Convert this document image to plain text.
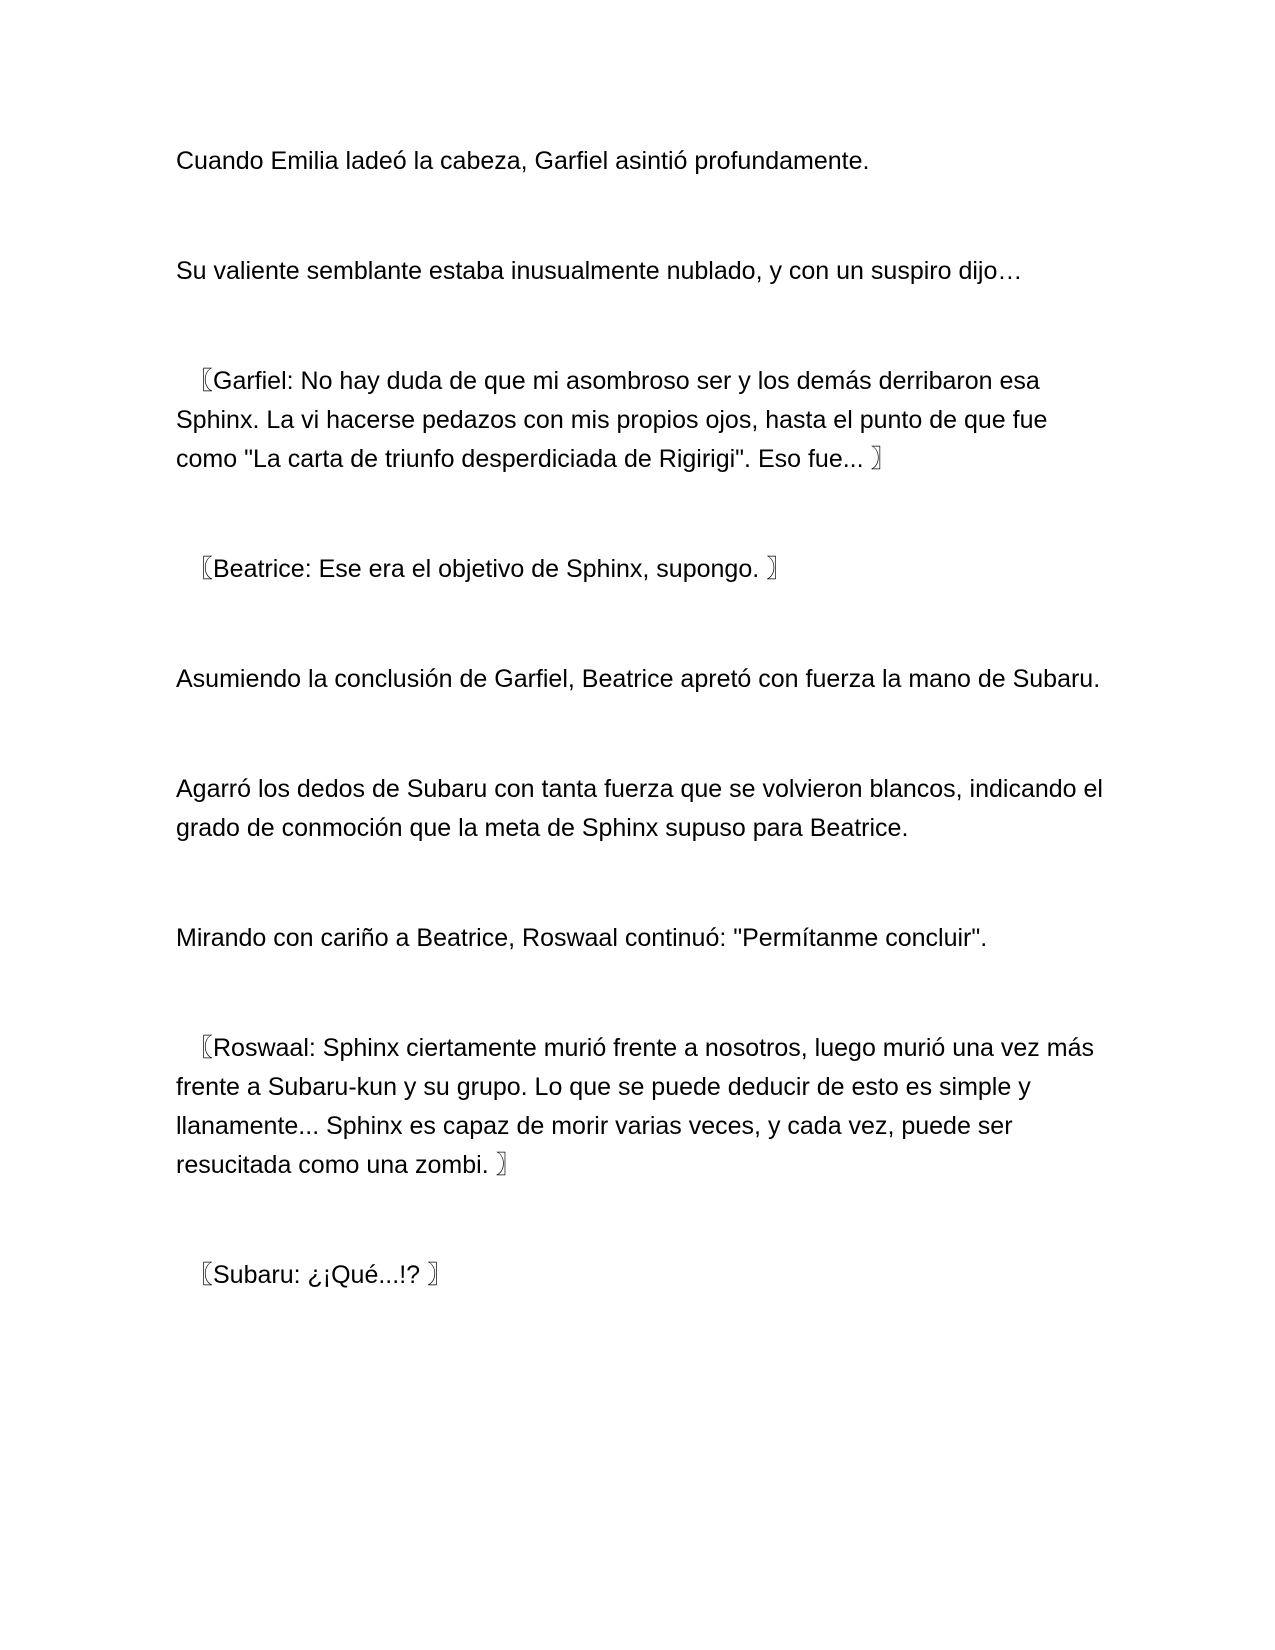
Cuando Emilia ladeó la cabeza, Garfiel asintió profundamente.

Su valiente semblante estaba inusualmente nublado, y con un suspiro dijo…

〖Garfiel: No hay duda de que mi asombroso ser y los demás derribaron esa Sphinx. La vi hacerse pedazos con mis propios ojos, hasta el punto de que fue como "La carta de triunfo desperdiciada de Rigirigi". Eso fue... 〗

〖Beatrice: Ese era el objetivo de Sphinx, supongo. 〗

Asumiendo la conclusión de Garfiel, Beatrice apretó con fuerza la mano de Subaru.

Agarró los dedos de Subaru con tanta fuerza que se volvieron blancos, indicando el grado de conmoción que la meta de Sphinx supuso para Beatrice.

Mirando con cariño a Beatrice, Roswaal continuó: "Permítanme concluir".

〖Roswaal: Sphinx ciertamente murió frente a nosotros, luego murió una vez más frente a Subaru-kun y su grupo. Lo que se puede deducir de esto es simple y llanamente... Sphinx es capaz de morir varias veces, y cada vez, puede ser resucitada como una zombi. 〗

〖Subaru: ¿¡Qué...!? 〗
